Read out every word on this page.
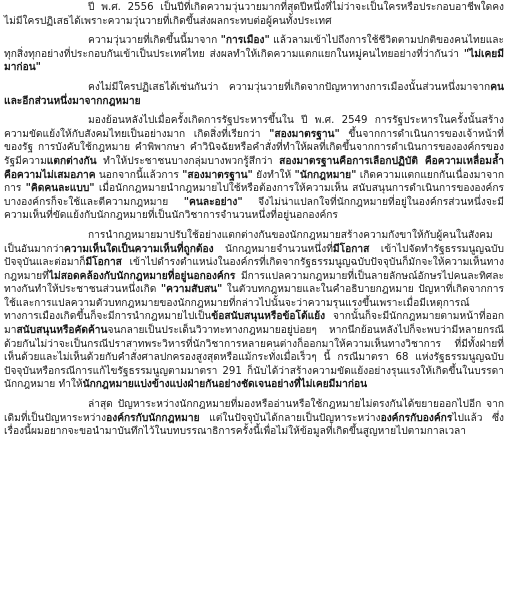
ปี พ.ศ. 2556 เป็นปีที่เกิดความวุ่นวายมากที่สุดปีหนึ่งที่ไม่ว่าจะเป็นใครหรือประกอบอาชีพใดคงไม่มีใครปฏิเสธได้เพราะความวุ่นวายที่เกิดขึ้นส่งผลกระทบต่อผู้คนทั้งประเทศ

ความวุ่นวายที่เกิดขึ้นนี้มาจาก "การเมือง" แล้วลามเข้าไปถึงการใช้ชีวิตตามปกติของคนไทยและทุกสิ่งทุกอย่างที่ประกอบกันเข้าเป็นประเทศไทย ส่งผลทำให้เกิดความแตกแยกในหมู่คนไทยอย่างที่ว่ากันว่า "ไม่เคยมีมาก่อน"

คงไม่มีใครปฏิเสธได้เช่นกันว่า ความวุ่นวายที่เกิดจากปัญหาทางการเมืองนั้นส่วนหนึ่งมาจากคนและอีกส่วนหนึ่งมาจากกฎหมาย

มองย้อนหลังไปเมื่อครั้งเกิดการรัฐประหารขึ้นใน ปี พ.ศ. 2549 การรัฐประหารในครั้งนั้นสร้างความขัดแย้งให้กับสังคมไทยเป็นอย่างมาก เกิดสิ่งที่เรียกว่า "สองมาตรฐาน" ขึ้นจากการดำเนินการของเจ้าหน้าที่ของรัฐ การบังคับใช้กฎหมาย คำพิพากษา คำวินิจฉัยหรือคำสั่งที่ทำให้ผลที่เกิดขึ้นจากการดำเนินการขององค์กรของรัฐมีความแตกต่างกัน ทำให้ประชาชนบางกลุ่มบางพวกรู้สึกว่า สองมาตรฐานคือการเลือกปฏิบัติ คือความเหลื่อมล้ำ คือความไม่เสมอภาค นอกจากนี้แล้วการ "สองมาตรฐาน" ยังทำให้ "นักกฎหมาย" เกิดความแตกแยกกันเนื่องมาจากการ "คิดคนละแบบ" เมื่อนักกฎหมายนำกฎหมายไปใช้หรือต้องการให้ความเห็น สนับสนุนการดำเนินการขององค์กรบางองค์กรก็จะใช้และตีความกฎหมาย "คนละอย่าง" จึงไม่น่าแปลกใจที่นักกฎหมายที่อยู่ในองค์กรส่วนหนึ่งจะมีความเห็นที่ขัดแย้งกับนักกฎหมายที่เป็นนักวิชาการจำนวนหนึ่งที่อยู่นอกองค์กร

การนำกฎหมายมาปรับใช้อย่างแตกต่างกันของนักกฎหมายสร้างความกังขาให้กับผู้คนในสังคมเป็นอันมากว่าความเห็นใดเป็นความเห็นที่ถูกต้อง นักกฎหมายจำนวนหนึ่งที่มีโอกาส เข้าไปจัดทำรัฐธรรมนูญฉบับปัจจุบันและต่อมาก็มีโอกาส เข้าไปดำรงตำแหน่งในองค์กรที่เกิดจากรัฐธรรมนูญฉบับปัจจุบันก็มักจะให้ความเห็นทางกฎหมายที่ไม่สอดคล้องกับนักกฎหมายที่อยู่นอกองค์กร มีการแปลความกฎหมายที่เป็นลายลักษณ์อักษรไปคนละทิศละทางกันทำให้ประชาชนส่วนหนึ่งเกิด "ความสับสน" ในตัวบทกฎหมายและในคำอธิบายกฎหมาย ปัญหาที่เกิดจากการใช้และการแปลความตัวบทกฎหมายของนักกฎหมายที่กล่าวไปนั้นจะว่าความรุนแรงขึ้นเพราะเมื่อมีเหตุการณ์ทางการเมืองเกิดขึ้นก็จะมีการนำกฎหมายไปเป็นข้อสนับสนุนหรือข้อโต้แย้ง จากนั้นก็จะมีนักกฎหมายตามหน้าที่ออกมาสนับสนุนหรือคัดค้านจนกลายเป็นประเด็นวิวาทะทางกฎหมายอยู่บ่อยๆ หากนึกย้อนหลังไปก็จะพบว่ามีหลายกรณีด้วยกันไม่ว่าจะเป็นกรณีปราสาทพระวิหารที่นักวิชาการหลายคนต่างก็ออกมาให้ความเห็นทางวิชาการ ที่มีทั้งฝ่ายที่เห็นด้วยและไม่เห็นด้วยกับคำสั่งศาลปกครองสูงสุดหรือแม้กระทั่งเมื่อเร็วๆ นี้ กรณีมาตรา 68 แห่งรัฐธรรมนูญฉบับปัจจุบันหรือกรณีการแก้ไขรัฐธรรมนูญตามมาตรา 291 ก็นับได้ว่าสร้างความขัดแย้งอย่างรุนแรงให้เกิดขึ้นในบรรดานักกฎหมาย ทำให้นักกฎหมายแบ่งข้างแบ่งฝ่ายกันอย่างชัดเจนอย่างที่ไม่เคยมีมาก่อน

ล่าสุด ปัญหาระหว่างนักกฎหมายที่มองหรืออ่านหรือใช้กฎหมายไม่ตรงกันได้ขยายออกไปอีก จากเดิมที่เป็นปัญหาระหว่างองค์กรกับนักกฎหมาย แต่ในปัจจุบันได้กลายเป็นปัญหาระหว่างองค์กรกับองค์กรไปแล้ว ซึ่งเรื่องนี้ผมอยากจะขอนำมาบันทึกไว้ในบทบรรณาธิการครั้งนี้เพื่อไม่ให้ข้อมูลที่เกิดขึ้นสูญหายไปตามกาลเวลา
